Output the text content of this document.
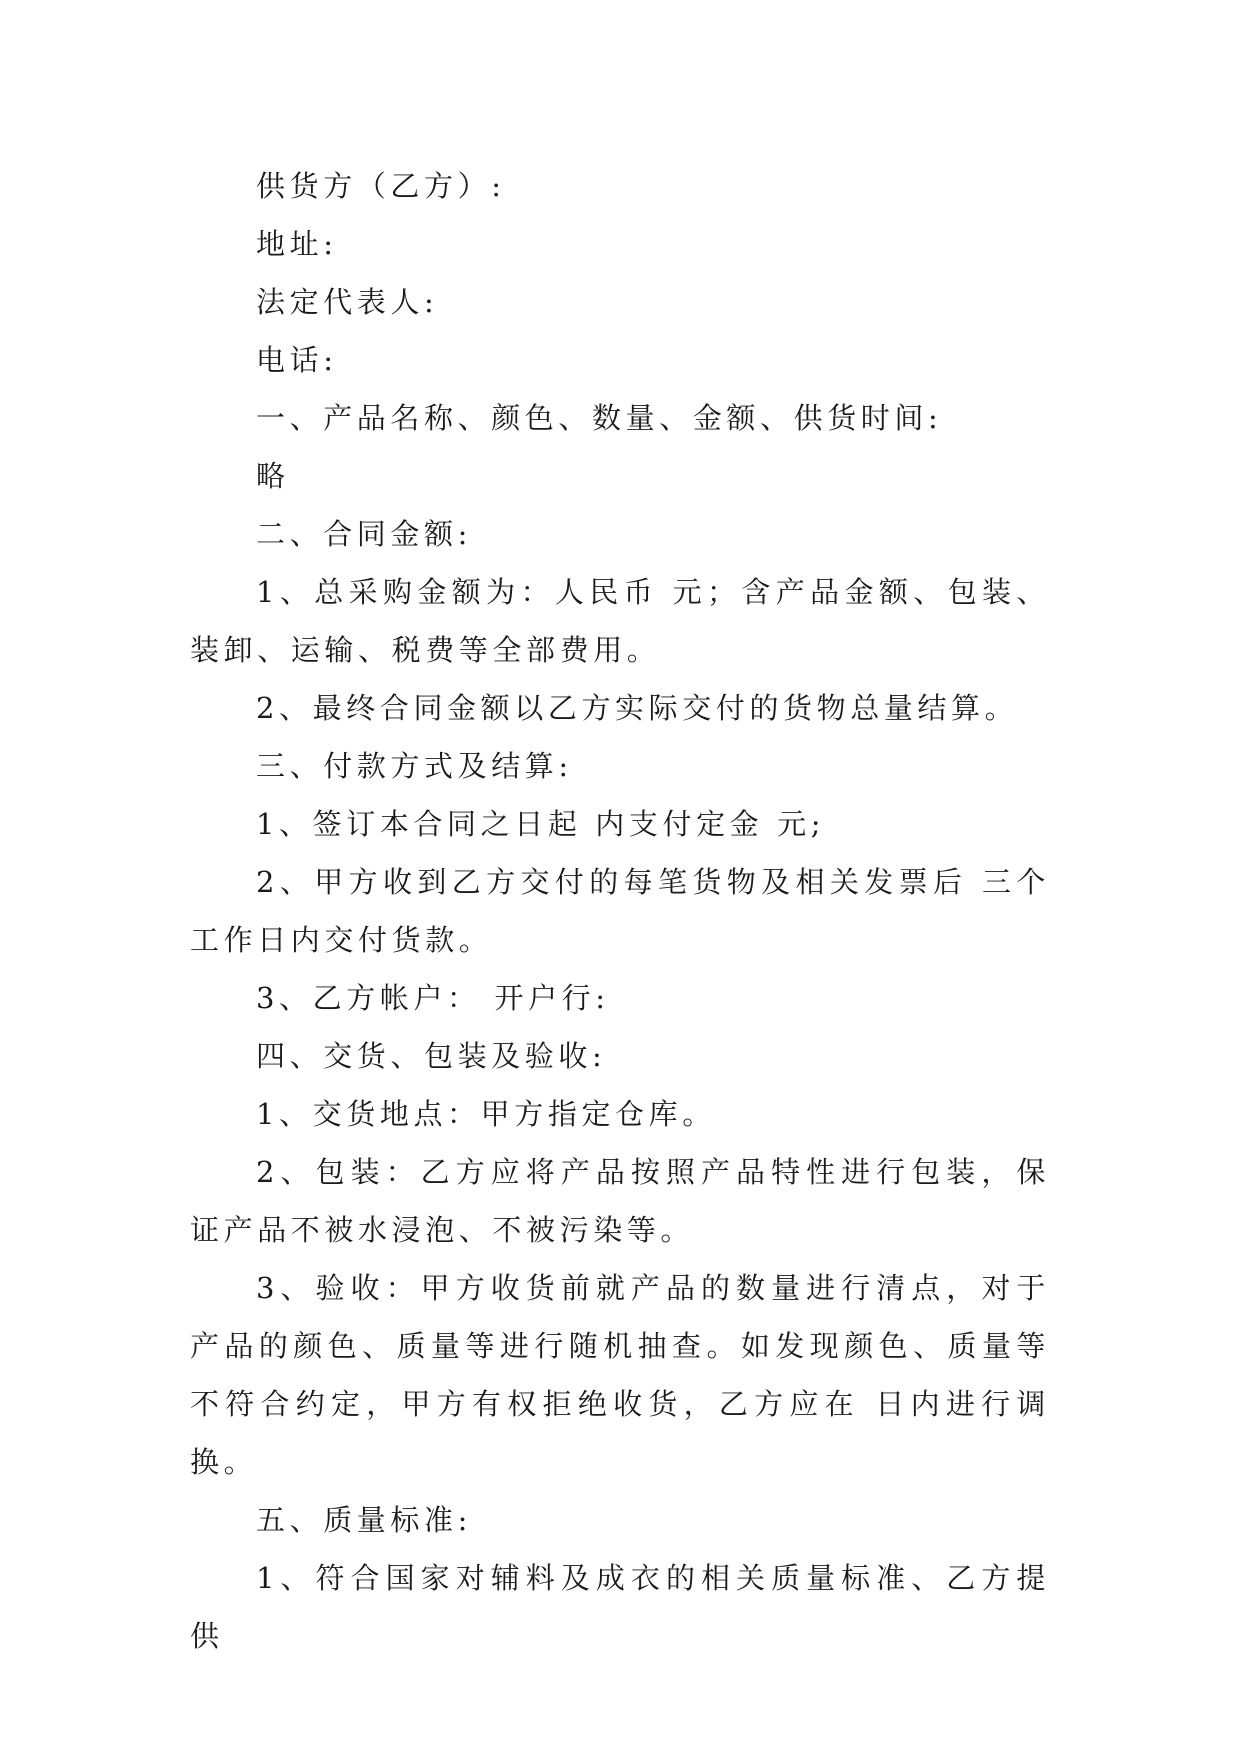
供货方（乙方）:

地址:

法定代表人:

电话:

一、产品名称、颜色、数量、金额、供货时间:

略

二、合同金额:

1、总采购金额为：人民币 元；含产品金额、包装、装卸、运输、税费等全部费用。

2、最终合同金额以乙方实际交付的货物总量结算。

三、付款方式及结算:

1、签订本合同之日起 内支付定金 元;

2、甲方收到乙方交付的每笔货物及相关发票后 三个工作日内交付货款。

3、乙方帐户： 开户行:

四、交货、包装及验收:

1、交货地点：甲方指定仓库。

2、包装：乙方应将产品按照产品特性进行包装，保证产品不被水浸泡、不被污染等。

3、验收：甲方收货前就产品的数量进行清点，对于产品的颜色、质量等进行随机抽查。如发现颜色、质量等不符合约定，甲方有权拒绝收货，乙方应在 日内进行调换。

五、质量标准:

1、符合国家对辅料及成衣的相关质量标准、乙方提供
